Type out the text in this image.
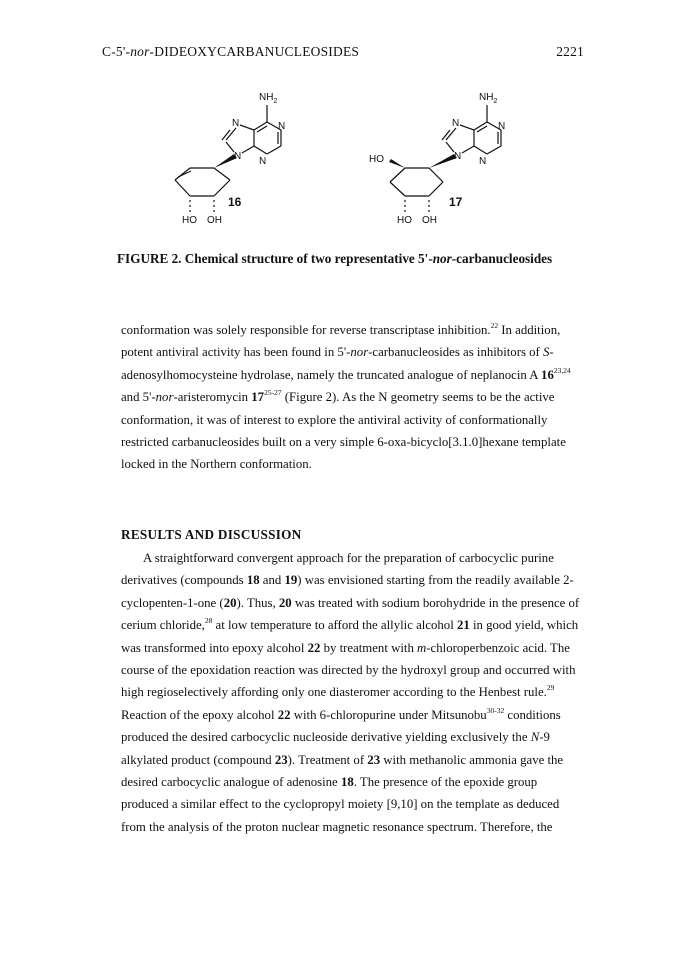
C-5'-nor-DIDEOXYCARBANUCLEOSIDES	2221
$NH_2$
N	N
N N
16
HO OH
$NH_2$
N	N
N N
HO
17
HO OH
FIGURE 2. Chemical structure of two representative 5'-nor-carbanucleosides
conformation was solely responsible for reverse transcriptase inhibition.$^{22}$ In addition,
potent antiviral activity has been found in 5'-nor-carbanucleosides as inhibitors of S-
adenosylhomocysteine hydrolase, namely the truncated analogue of neplanocin A 16$^{23,24}$
and 5'-nor-aristeromycin 17$^{25-27}$ (Figure 2). As the N geometry seems to be the active
conformation, it was of interest to explore the antiviral activity of conformationally
restricted carbanucleosides built on a very simple 6-oxa-bicyclo[3.1.0]hexane template
locked in the Northern conformation.
RESULTS AND DISCUSSION
A straightforward convergent approach for the preparation of carbocyclic purine
derivatives (compounds 18 and 19) was envisioned starting from the readily available 2-
cyclopenten-1-one (20). Thus, 20 was treated with sodium borohydride in the presence of
cerium chloride,$^{28}$ at low temperature to afford the allylic alcohol 21 in good yield, which
was transformed into epoxy alcohol 22 by treatment with m-chloroperbenzoic acid. The
course of the epoxidation reaction was directed by the hydroxyl group and occurred with
high regioselectively affording only one diasteromer according to the Henbest rule.$^{29}$
Reaction of the epoxy alcohol 22 with 6-chloropurine under Mitsunobu$^{30-32}$ conditions
produced the desired carbocyclic nucleoside derivative yielding exclusively the N-9
alkylated product (compound 23). Treatment of 23 with methanolic ammonia gave the
desired carbocyclic analogue of adenosine 18. The presence of the epoxide group
produced a similar effect to the cyclopropyl moiety [9,10] on the template as deduced
from the analysis of the proton nuclear magnetic resonance spectrum. Therefore, the
